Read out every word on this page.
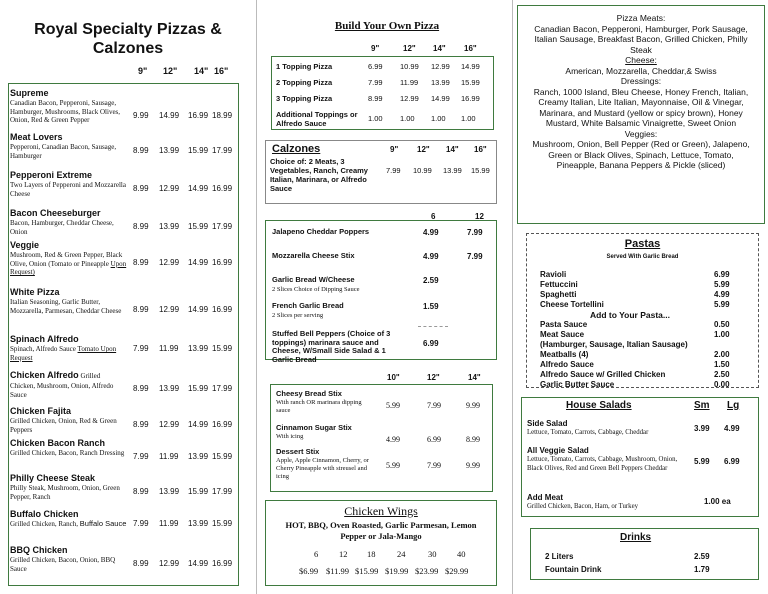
Royal Specialty Pizzas & Calzones
9" 12" 14" 16"
Supreme
Canadian Bacon, Pepperoni, Sausage, Hamburger, Mushrooms, Black Olives, Onion, Red & Green Pepper	9.99 14.99 16.99 18.99
Meat Lovers
Pepperoni, Canadian Bacon, Sausage, Hamburger
8.99 13.99 15.99 17.99
Pepperoni Extreme
Two Layers of Pepperoni and Mozzarella Cheese
8.99 12.99 14.99 16.99
Bacon Cheeseburger
Bacon, Hamburger, Cheddar Cheese, Onion
8.99 13.99 15.99 17.99
Veggie
Mushroom, Red & Green Pepper, Black Olive, Onion (Tomato or Pineapple Upon Request)
8.99 12.99 14.99 16.99
White Pizza
Italian Seasoning, Garlic Butter, Mozzarella, Parmesan, Cheddar Cheese	8.99 12.99 14.99 16.99
Spinach Alfredo
Spinach, Alfredo Sauce Tomato Upon Request
7.99 11.99 13.99 15.99
Chicken Alfredo Grilled
Chicken, Mushroom, Onion, Alfredo Sauce
8.99 13.99 15.99 17.99
Chicken Fajita
Grilled Chicken, Onion, Red & Green Peppers
8.99 12.99 14.99 16.99
Chicken Bacon Ranch
Grilled Chicken, Bacon, Ranch Dressing	7.99 11.99 13.99 15.99
Philly Cheese Steak
Philly Steak, Mushroom, Onion, Green Pepper, Ranch
8.99 13.99 15.99 17.99
Buffalo Chicken
Grilled Chicken, Ranch, Buffalo Sauce 7.99 11.99 13.99 15.99
BBQ Chicken
Grilled Chicken, Bacon, Onion, BBQ Sauce
8.99 12.99 14.99 16.99
Build Your Own Pizza
9"	12" 14" 16"
1 Topping Pizza	6.99 10.99 12.99 14.99
2 Topping Pizza	7.99 11.99 13.99 15.99
3 Topping Pizza	8.99 12.99 14.99 16.99
Additional Toppings or Alfredo Sauce
1.00 1.00 1.00 1.00
Calzones	9" 12" 14" 16"
Choice of: 2 Meats, 3 Vegetables, Ranch, Creamy Italian, Marinara, or Alfredo Sauce
7.99 10.99 13.99 15.99
6	12
Jalapeno Cheddar Poppers	4.99	7.99
Mozzarella Cheese Stix	4.99	7.99
Garlic Bread W/Cheese
2 Slices Choice of Dipping Sauce
2.59
French Garlic Bread
2 Slices per serving
1.59
Stuffed Bell Peppers (Choice of 3 toppings) marinara sauce and Cheese, W/Small Side Salad & 1 Garlic Bread
6.99
10"	12"	14"
Cheesy Bread Stix
With ranch OR marinara dipping sauce
5.99	7.99	9.99
Cinnamon Sugar Stix
With icing	4.99	6.99	8.99
Dessert Stix
Apple, Apple Cinnamon, Cherry, or Cherry Pineapple with streusel and icing
5.99	7.99	9.99
Chicken Wings
HOT, BBQ, Oven Roasted, Garlic Parmesan, Lemon Pepper or Jala-Mango
6 12 18	24	30 40
$6.99 $11.99 $15.99 $19.99 $23.99 $29.99
Pizza Meats:
Canadian Bacon, Pepperoni, Hamburger, Pork Sausage, Italian Sausage, Breakfast Bacon, Grilled Chicken, Philly Steak
Cheese:
American, Mozzarella, Cheddar,& Swiss
Dressings:
Ranch, 1000 Island, Bleu Cheese, Honey French, Italian, Creamy Italian, Lite Italian, Mayonnaise, Oil & Vinegar, Marinara, and Mustard (yellow or spicy brown), Honey Mustard, White Balsamic Vinaigrette, Sweet Onion
Veggies:
Mushroom, Onion, Bell Pepper (Red or Green), Jalapeno, Green or Black Olives, Spinach, Lettuce, Tomato, Pineapple, Banana Peppers & Pickle (sliced)
Pastas
Served With Garlic Bread
Ravioli	6.99
Fettuccini	5.99
Spaghetti	4.99
Cheese Tortellini	5.99
Add to Your Pasta...
Pasta Sauce	0.50
Meat Sauce	1.00
(Hamburger, Sausage, Italian Sausage)
Meatballs (4)	2.00
Alfredo Sauce	1.50
Alfredo Sauce w/ Grilled Chicken	2.50
Garlic Butter Sauce	0.00
House Salads	Sm Lg
Side Salad
Lettuce, Tomato, Carrots, Cabbage, Cheddar	3.99 4.99
All Veggie Salad
Lettuce, Tomato, Carrots, Cabbage, Mushroom, Onion, Black Olives, Red and Green Bell Peppers Cheddar
5.99 6.99
Add Meat
Grilled Chicken, Bacon, Ham, or Turkey
1.00 ea
Drinks
2 Liters	2.59
Fountain Drink	1.79
